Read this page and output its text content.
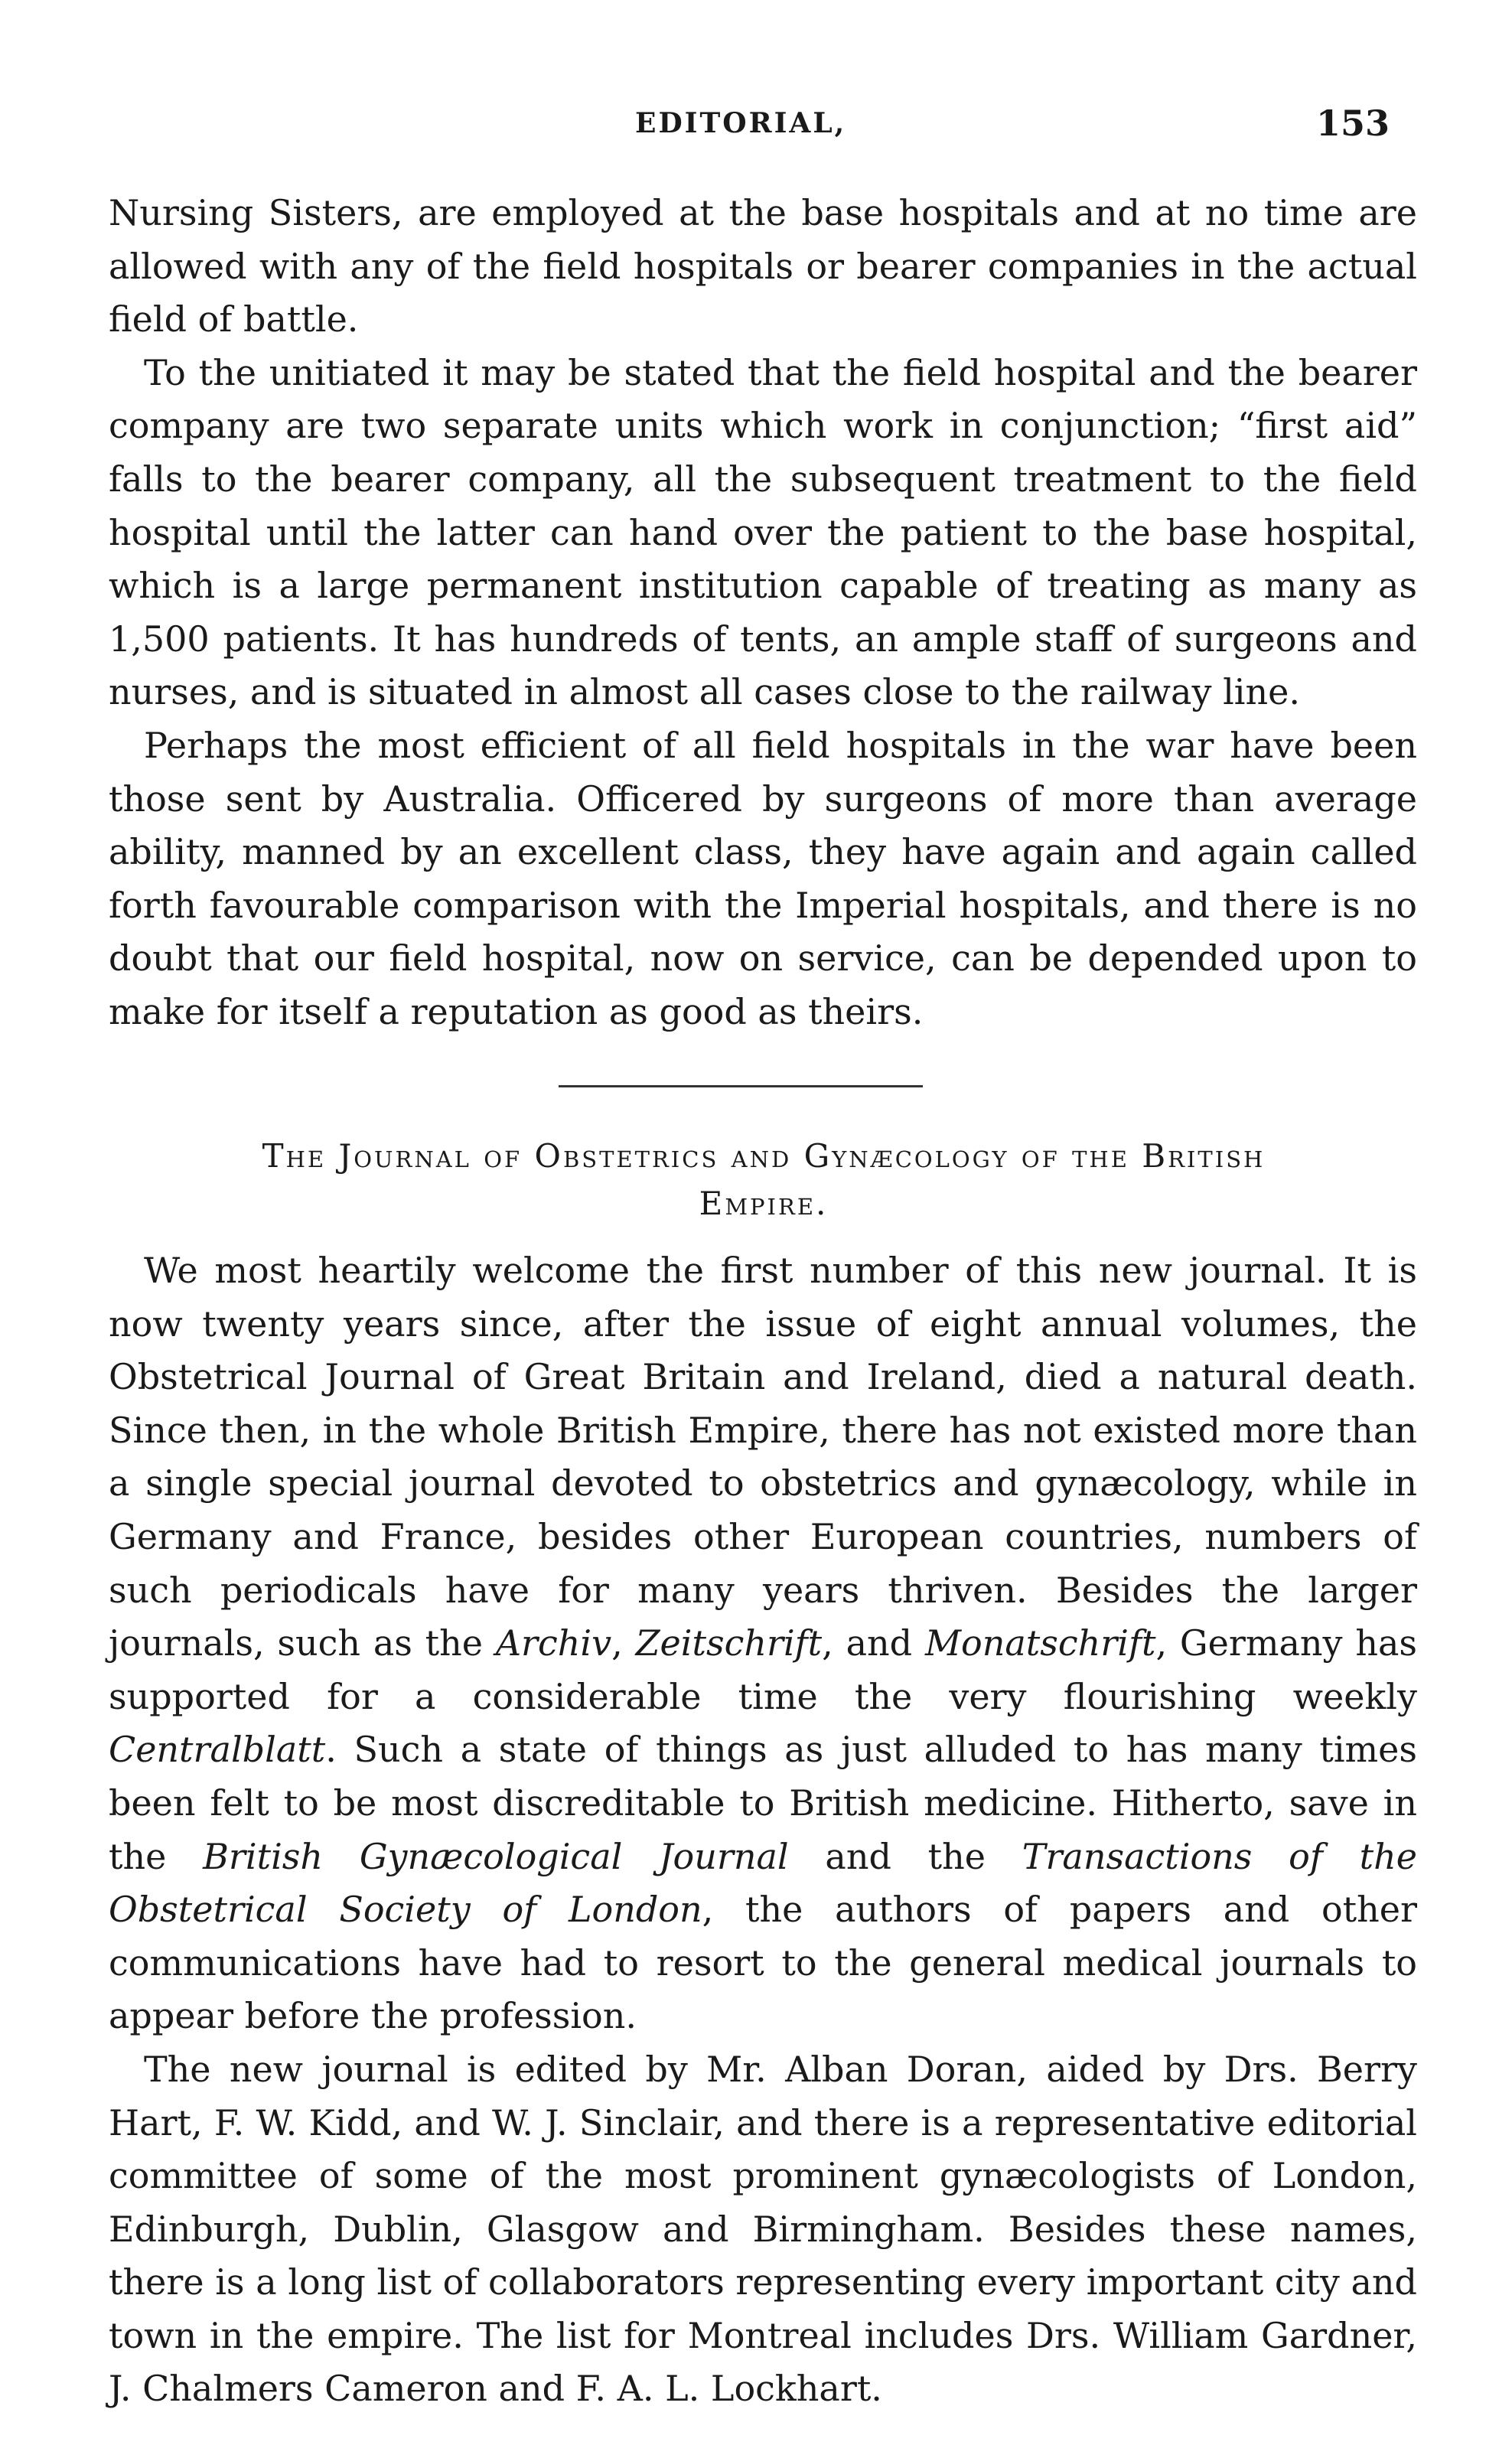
EDITORIAL,	153

Nursing Sisters, are employed at the base hospitals and at no time are allowed with any of the field hospitals or bearer companies in the actual field of battle.

To the unitiated it may be stated that the field hospital and the bearer company are two separate units which work in conjunction; “first aid” falls to the bearer company, all the subsequent treatment to the field hospital until the latter can hand over the patient to the base hospital, which is a large permanent institution capable of treating as many as 1,500 patients. It has hundreds of tents, an ample staff of surgeons and nurses, and is situated in almost all cases close to the railway line.

Perhaps the most efficient of all field hospitals in the war have been those sent by Australia. Officered by surgeons of more than average ability, manned by an excellent class, they have again and again called forth favourable comparison with the Imperial hospitals, and there is no doubt that our field hospital, now on service, can be depended upon to make for itself a reputation as good as theirs.

The Journal of Obstetrics and Gynæcology of the British
Empire.

We most heartily welcome the first number of this new journal. It is now twenty years since, after the issue of eight annual volumes, the Obstetrical Journal of Great Britain and Ireland, died a natural death. Since then, in the whole British Empire, there has not existed more than a single special journal devoted to obstetrics and gynæcology, while in Germany and France, besides other European countries, numbers of such periodicals have for many years thriven. Besides the larger journals, such as the Archiv, Zeitschrift, and Monatschrift, Germany has supported for a considerable time the very flourishing weekly Centralblatt. Such a state of things as just alluded to has many times been felt to be most discreditable to British medicine. Hitherto, save in the British Gynæcological Journal and the Transactions of the Obstetrical Society of London, the authors of papers and other communications have had to resort to the general medical journals to appear before the profession.

The new journal is edited by Mr. Alban Doran, aided by Drs. Berry Hart, F. W. Kidd, and W. J. Sinclair, and there is a representative editorial committee of some of the most prominent gynæcologists of London, Edinburgh, Dublin, Glasgow and Birmingham. Besides these names, there is a long list of collaborators representing every important city and town in the empire. The list for Montreal includes Drs. William Gardner, J. Chalmers Cameron and F. A. L. Lockhart.
